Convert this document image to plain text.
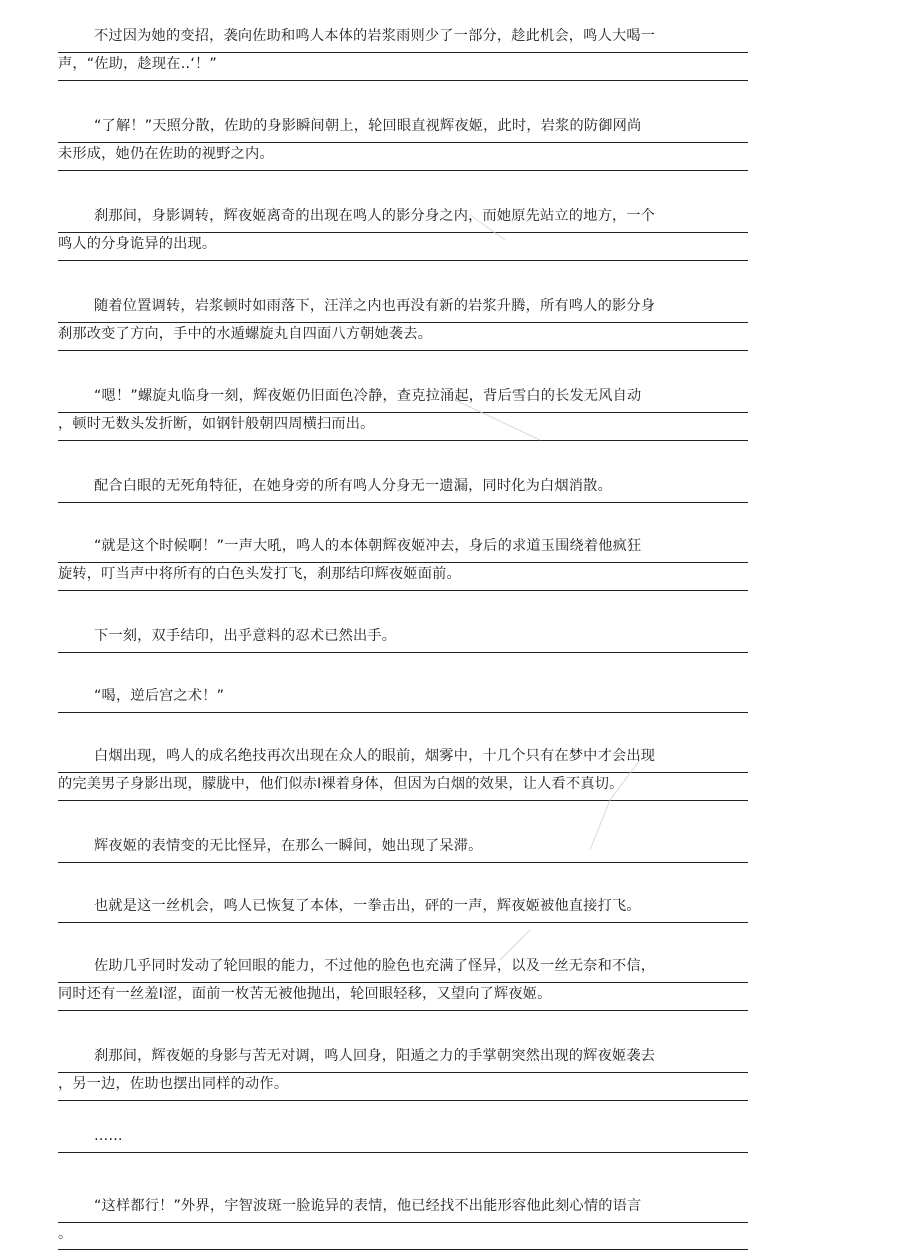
不过因为她的变招，袭向佐助和鸣人本体的岩浆雨则少了一部分，趁此机会，鸣人大喝一
声，“佐助，趁现在‥‘！”
“了解！”天照分散，佐助的身影瞬间朝上，轮回眼直视辉夜姬，此时，岩浆的防御网尚
未形成，她仍在佐助的视野之内。
刹那间，身影调转，辉夜姬离奇的出现在鸣人的影分身之内，而她原先站立的地方，一个
鸣人的分身诡异的出现。
随着位置调转，岩浆顿时如雨落下，汪洋之内也再没有新的岩浆升腾，所有鸣人的影分身
刹那改变了方向，手中的水遁螺旋丸自四面八方朝她袭去。
“嗯！”螺旋丸临身一刻，辉夜姬仍旧面色冷静，查克拉涌起，背后雪白的长发无风自动
，顿时无数头发折断，如钢针般朝四周横扫而出。
配合白眼的无死角特征，在她身旁的所有鸣人分身无一遗漏，同时化为白烟消散。
“就是这个时候啊！”一声大吼，鸣人的本体朝辉夜姬冲去，身后的求道玉围绕着他疯狂
旋转，叮当声中将所有的白色头发打飞，刹那结印辉夜姬面前。
下一刻，双手结印，出乎意料的忍术已然出手。
“喝，逆后宫之术！”
白烟出现，鸣人的成名绝技再次出现在众人的眼前，烟雾中，十几个只有在梦中才会出现
的完美男子身影出现，朦胧中，他们似赤I裸着身体，但因为白烟的效果，让人看不真切。
辉夜姬的表情变的无比怪异，在那么一瞬间，她出现了呆滞。
也就是这一丝机会，鸣人已恢复了本体，一拳击出，砰的一声，辉夜姬被他直接打飞。
佐助几乎同时发动了轮回眼的能力，不过他的脸色也充满了怪异，以及一丝无奈和不信，
同时还有一丝羞I涩，面前一枚苦无被他抛出，轮回眼轻移，又望向了辉夜姬。
刹那间，辉夜姬的身影与苦无对调，鸣人回身，阳遁之力的手掌朝突然出现的辉夜姬袭去
，另一边，佐助也摆出同样的动作。
……
“这样都行！”外界，宇智波斑一脸诡异的表情，他已经找不出能形容他此刻心情的语言
。
